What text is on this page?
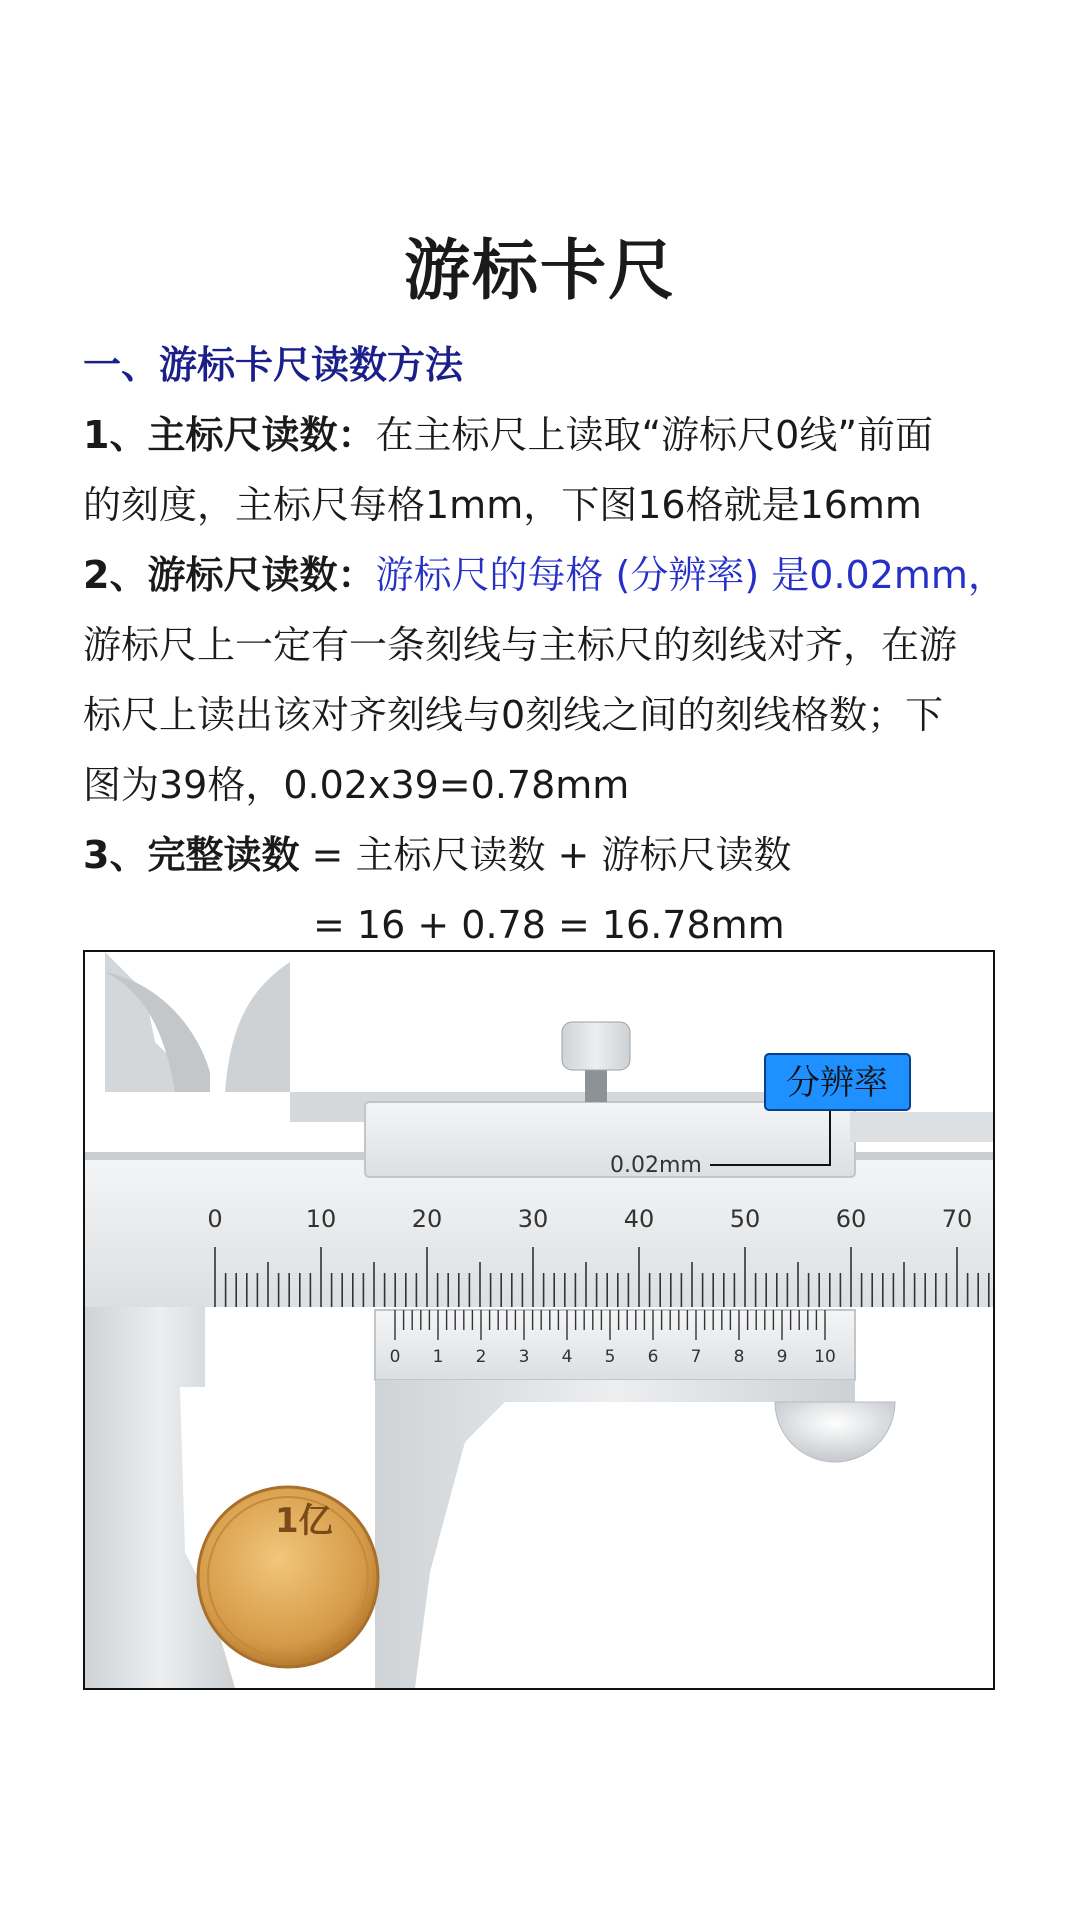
游标卡尺
一、游标卡尺读数方法
1、主标尺读数：在主标尺上读取“游标尺0线”前面
的刻度，主标尺每格1mm，下图16格就是16mm
2、游标尺读数：游标尺的每格 (分辨率) 是0.02mm，
游标尺上一定有一条刻线与主标尺的刻线对齐，在游
标尺上读出该对齐刻线与0刻线之间的刻线格数；下
图为39格，0.02x39=0.78mm
3、完整读数 = 主标尺读数 + 游标尺读数
= 16 + 0.78 = 16.78mm
1亿
0	10	20	30	40	50	60	70
0 1 2 3 4 5 6 7 8 9 10
0.02mm
分辨率
